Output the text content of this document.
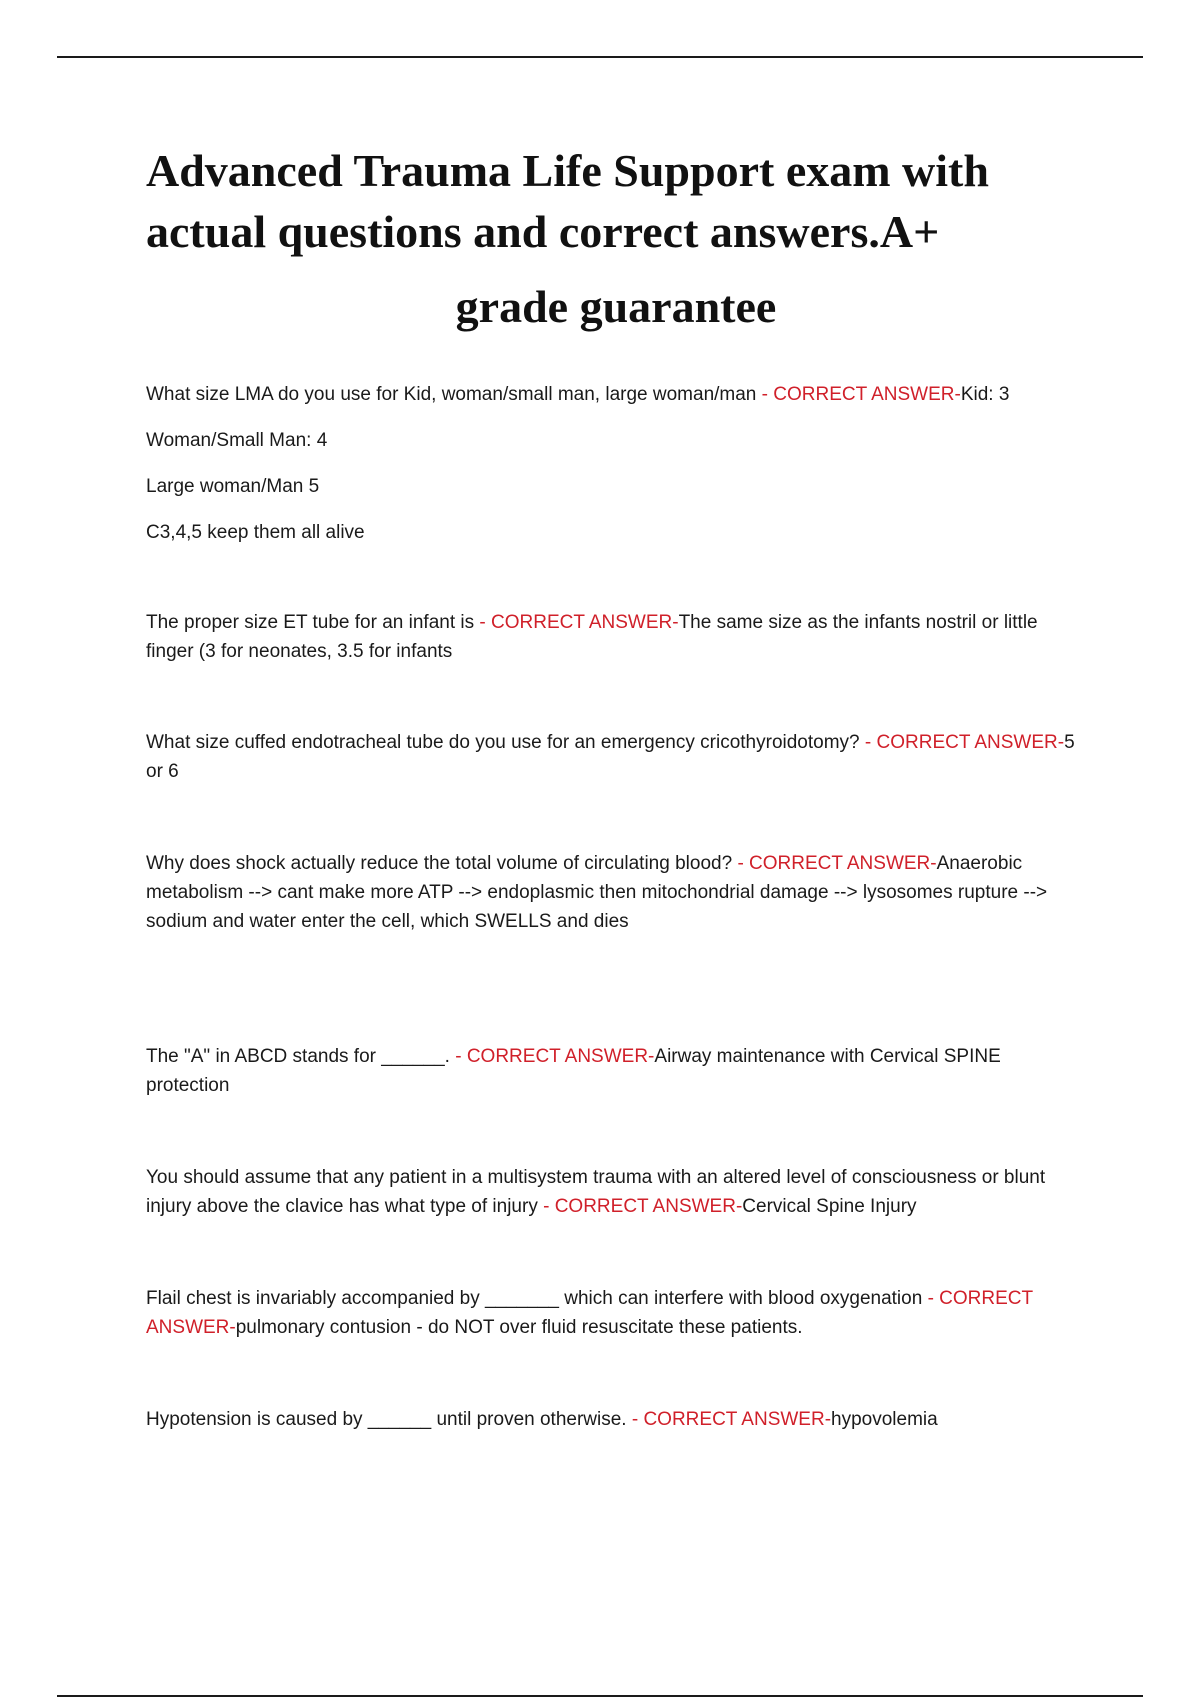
Advanced Trauma Life Support exam with
actual questions and correct answers.A+
grade guarantee

What size LMA do you use for Kid, woman/small man, large woman/man - CORRECT ANSWER-Kid: 3

Woman/Small Man: 4

Large woman/Man 5

C3,4,5 keep them all alive

The proper size ET tube for an infant is - CORRECT ANSWER-The same size as the infants nostril or little finger (3 for neonates, 3.5 for infants

What size cuffed endotracheal tube do you use for an emergency cricothyroidotomy? - CORRECT ANSWER-5 or 6

Why does shock actually reduce the total volume of circulating blood? - CORRECT ANSWER-Anaerobic metabolism --> cant make more ATP --> endoplasmic then mitochondrial damage --> lysosomes rupture --> sodium and water enter the cell, which SWELLS and dies

The "A" in ABCD stands for ______. - CORRECT ANSWER-Airway maintenance with Cervical SPINE protection

You should assume that any patient in a multisystem trauma with an altered level of consciousness or blunt injury above the clavice has what type of injury - CORRECT ANSWER-Cervical Spine Injury

Flail chest is invariably accompanied by _______ which can interfere with blood oxygenation - CORRECT ANSWER-pulmonary contusion - do NOT over fluid resuscitate these patients.

Hypotension is caused by ______ until proven otherwise. - CORRECT ANSWER-hypovolemia
